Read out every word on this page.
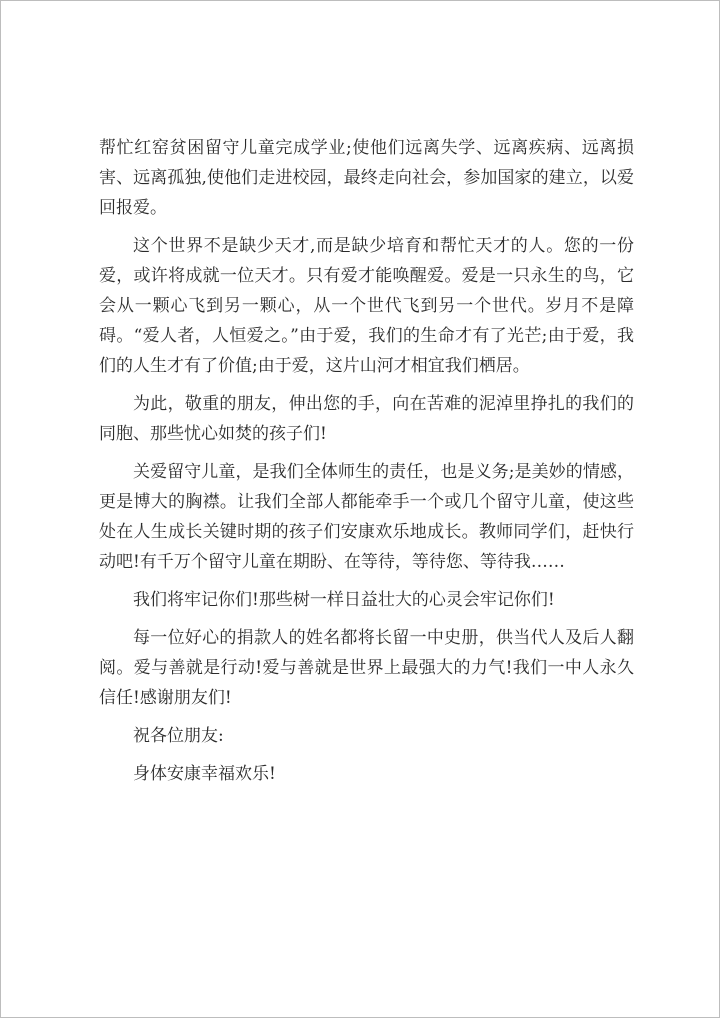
帮忙红窑贫困留守儿童完成学业;使他们远离失学、远离疾病、远离损害、远离孤独,使他们走进校园，最终走向社会，参加国家的建立，以爱回报爱。

这个世界不是缺少天才,而是缺少培育和帮忙天才的人。您的一份爱，或许将成就一位天才。只有爱才能唤醒爱。爱是一只永生的鸟，它会从一颗心飞到另一颗心，从一个世代飞到另一个世代。岁月不是障碍。“爱人者，人恒爱之。”由于爱，我们的生命才有了光芒;由于爱，我们的人生才有了价值;由于爱，这片山河才相宜我们栖居。

为此，敬重的朋友，伸出您的手，向在苦难的泥淖里挣扎的我们的同胞、那些忧心如焚的孩子们!

关爱留守儿童，是我们全体师生的责任，也是义务;是美妙的情感，更是博大的胸襟。让我们全部人都能牵手一个或几个留守儿童，使这些处在人生成长关键时期的孩子们安康欢乐地成长。教师同学们，赶快行动吧!有千万个留守儿童在期盼、在等待，等待您、等待我……

我们将牢记你们!那些树一样日益壮大的心灵会牢记你们!

每一位好心的捐款人的姓名都将长留一中史册，供当代人及后人翻阅。爱与善就是行动!爱与善就是世界上最强大的力气!我们一中人永久信任!感谢朋友们!

祝各位朋友:

身体安康幸福欢乐!
